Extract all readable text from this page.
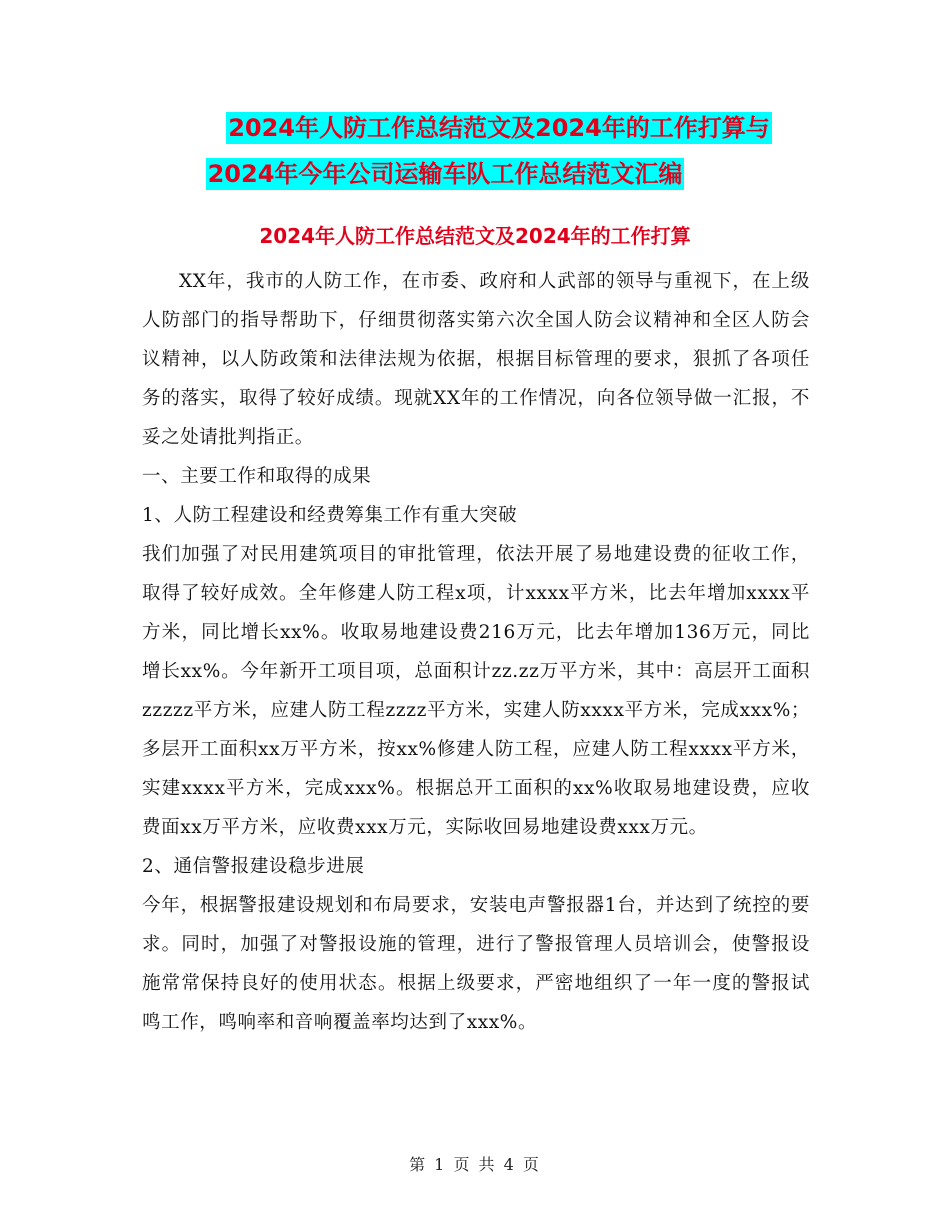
2024年人防工作总结范文及2024年的工作打算与
2024年今年公司运输车队工作总结范文汇编
2024年人防工作总结范文及2024年的工作打算

XX年，我市的人防工作，在市委、政府和人武部的领导与重视下，在上级人防部门的指导帮助下，仔细贯彻落实第六次全国人防会议精神和全区人防会议精神，以人防政策和法律法规为依据，根据目标管理的要求，狠抓了各项任务的落实，取得了较好成绩。现就XX年的工作情况，向各位领导做一汇报，不妥之处请批判指正。

一、主要工作和取得的成果

1、人防工程建设和经费筹集工作有重大突破

我们加强了对民用建筑项目的审批管理，依法开展了易地建设费的征收工作，取得了较好成效。全年修建人防工程x项，计xxxx平方米，比去年增加xxxx平方米，同比增长xx%。收取易地建设费216万元，比去年增加136万元，同比增长xx%。今年新开工项目项，总面积计zz.zz万平方米，其中：高层开工面积zzzzz平方米，应建人防工程zzzz平方米，实建人防xxxx平方米，完成xxx%；多层开工面积xx万平方米，按xx%修建人防工程，应建人防工程xxxx平方米，实建xxxx平方米，完成xxx%。根据总开工面积的xx%收取易地建设费，应收费面xx万平方米，应收费xxx万元，实际收回易地建设费xxx万元。

2、通信警报建设稳步进展

今年，根据警报建设规划和布局要求，安装电声警报器1台，并达到了统控的要求。同时，加强了对警报设施的管理，进行了警报管理人员培训会，使警报设施常常保持良好的使用状态。根据上级要求，严密地组织了一年一度的警报试鸣工作，鸣响率和音响覆盖率均达到了xxx%。

第 1 页 共 4 页
